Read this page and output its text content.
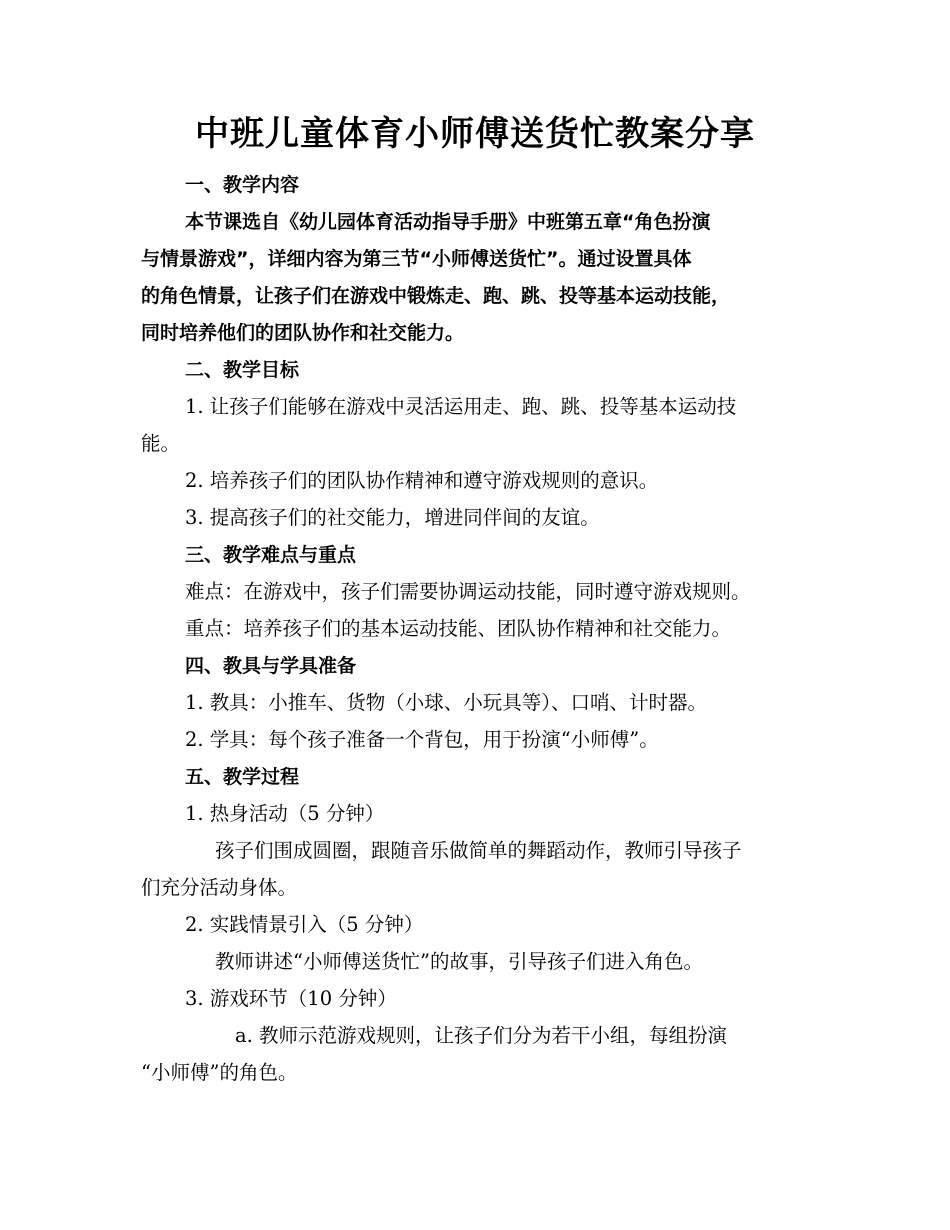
中班儿童体育小师傅送货忙教案分享

一、教学内容

本节课选自《幼儿园体育活动指导手册》中班第五章“角色扮演

与情景游戏”，详细内容为第三节“小师傅送货忙”。通过设置具体

的角色情景，让孩子们在游戏中锻炼走、跑、跳、投等基本运动技能，

同时培养他们的团队协作和社交能力。

二、教学目标

1. 让孩子们能够在游戏中灵活运用走、跑、跳、投等基本运动技

能。

2. 培养孩子们的团队协作精神和遵守游戏规则的意识。

3. 提高孩子们的社交能力，增进同伴间的友谊。

三、教学难点与重点

难点：在游戏中，孩子们需要协调运动技能，同时遵守游戏规则。

重点：培养孩子们的基本运动技能、团队协作精神和社交能力。

四、教具与学具准备

1. 教具：小推车、货物（小球、小玩具等）、口哨、计时器。

2. 学具：每个孩子准备一个背包，用于扮演“小师傅”。

五、教学过程

1. 热身活动（5 分钟）

孩子们围成圆圈，跟随音乐做简单的舞蹈动作，教师引导孩子

们充分活动身体。

2. 实践情景引入（5 分钟）

教师讲述“小师傅送货忙”的故事，引导孩子们进入角色。

3. 游戏环节（10 分钟）

a. 教师示范游戏规则，让孩子们分为若干小组，每组扮演

“小师傅”的角色。
